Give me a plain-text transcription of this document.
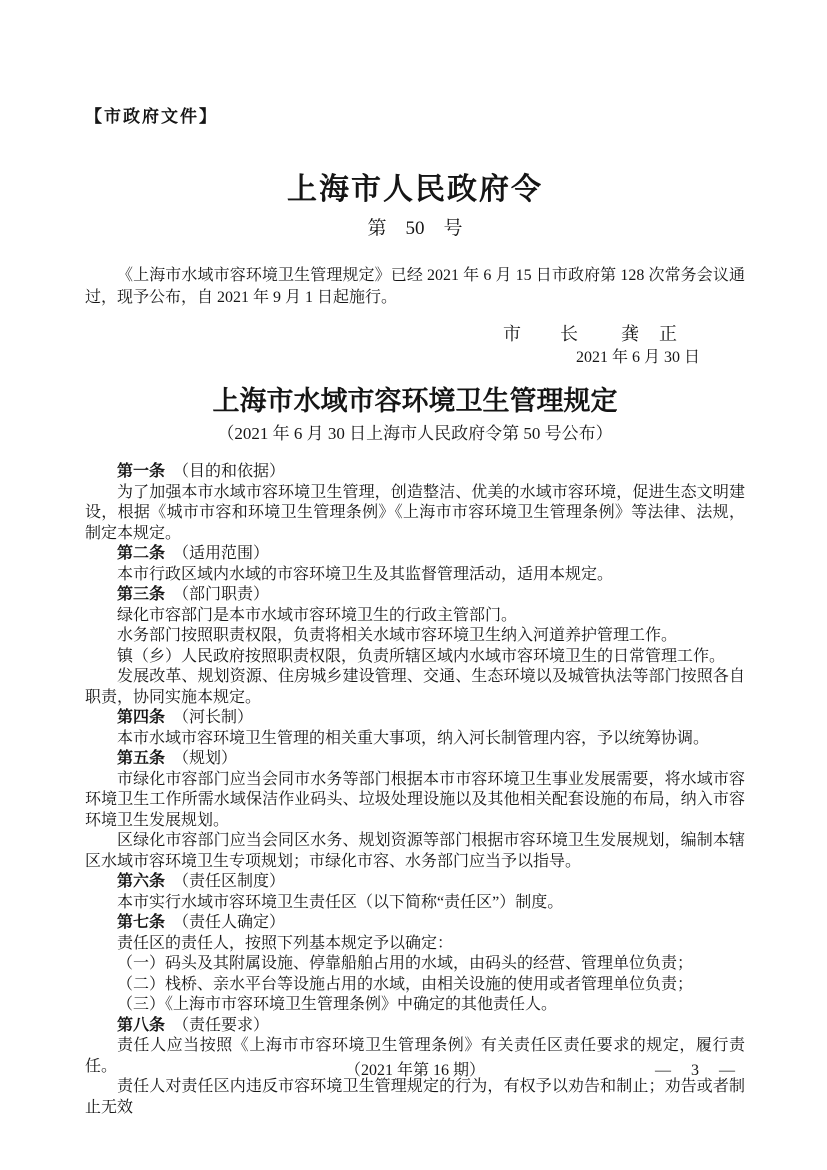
【市政府文件】
上海市人民政府令
第　50　号

《上海市水域市容环境卫生管理规定》已经 2021 年 6 月 15 日市政府第 128 次常务会议通过，现予公布，自 2021 年 9 月 1 日起施行。

市　　长 龚　正
2021 年 6 月 30 日
上海市水域市容环境卫生管理规定
（2021 年 6 月 30 日上海市人民政府令第 50 号公布）

第一条　（目的和依据）

为了加强本市水域市容环境卫生管理，创造整洁、优美的水域市容环境，促进生态文明建设，根据《城市市容和环境卫生管理条例》《上海市市容环境卫生管理条例》等法律、法规，制定本规定。

第二条　（适用范围）

本市行政区域内水域的市容环境卫生及其监督管理活动，适用本规定。

第三条　（部门职责）

绿化市容部门是本市水域市容环境卫生的行政主管部门。

水务部门按照职责权限，负责将相关水域市容环境卫生纳入河道养护管理工作。

镇（乡）人民政府按照职责权限，负责所辖区域内水域市容环境卫生的日常管理工作。

发展改革、规划资源、住房城乡建设管理、交通、生态环境以及城管执法等部门按照各自职责，协同实施本规定。

第四条　（河长制）

本市水域市容环境卫生管理的相关重大事项，纳入河长制管理内容，予以统筹协调。

第五条　（规划）

市绿化市容部门应当会同市水务等部门根据本市市容环境卫生事业发展需要，将水域市容环境卫生工作所需水域保洁作业码头、垃圾处理设施以及其他相关配套设施的布局，纳入市容环境卫生发展规划。

区绿化市容部门应当会同区水务、规划资源等部门根据市容环境卫生发展规划，编制本辖区水域市容环境卫生专项规划；市绿化市容、水务部门应当予以指导。

第六条　（责任区制度）

本市实行水域市容环境卫生责任区（以下简称“责任区”）制度。

第七条　（责任人确定）

责任区的责任人，按照下列基本规定予以确定：

（一）码头及其附属设施、停靠船舶占用的水域，由码头的经营、管理单位负责；

（二）栈桥、亲水平台等设施占用的水域，由相关设施的使用或者管理单位负责；

（三）《上海市市容环境卫生管理条例》中确定的其他责任人。

第八条　（责任要求）

责任人应当按照《上海市市容环境卫生管理条例》有关责任区责任要求的规定，履行责任。

责任人对责任区内违反市容环境卫生管理规定的行为，有权予以劝告和制止；劝告或者制止无效

（2021 年第 16 期）	—　3　—
